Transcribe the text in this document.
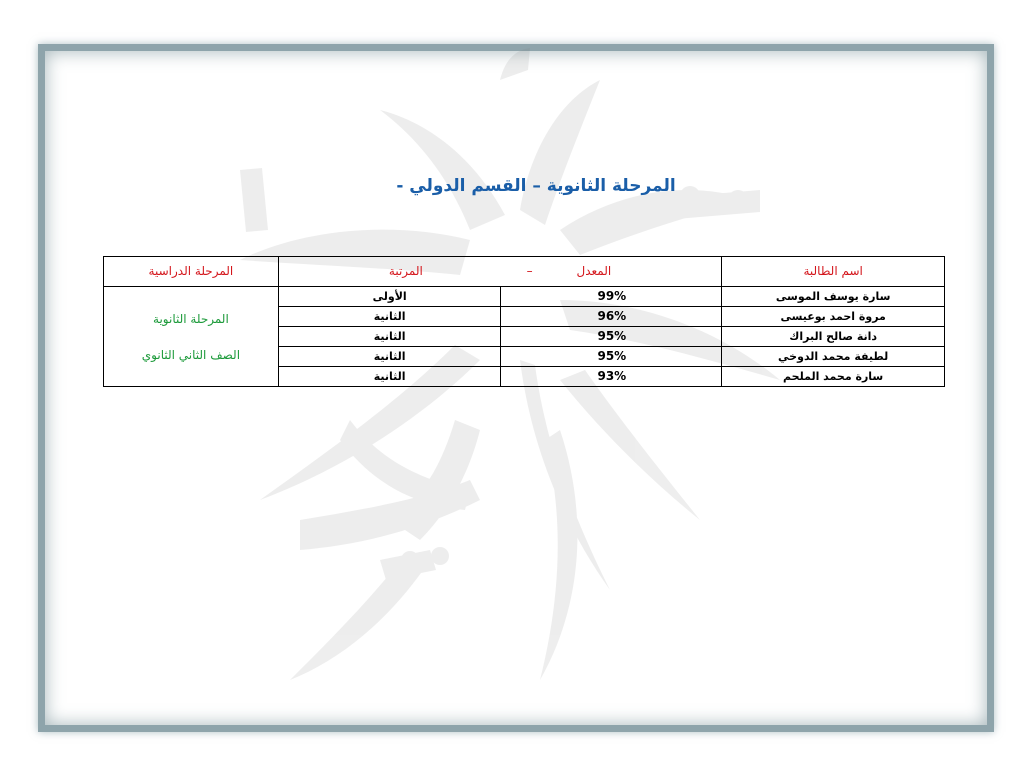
المرحلة الثانوية – القسم الدولي -
اسم الطالبة	المعدل – المرتبة		المرحلة الدراسية
سارة يوسف الموسى	99%	الأولى	المرحلة الثانوية
الصف الثاني الثانوي

مروة احمد بوعيسى	96%	الثانية	
دانة صالح البراك	95%	الثانية	
لطيفة محمد الدوخي	95%	الثانية	
سارة محمد الملحم	93%	الثانية	
